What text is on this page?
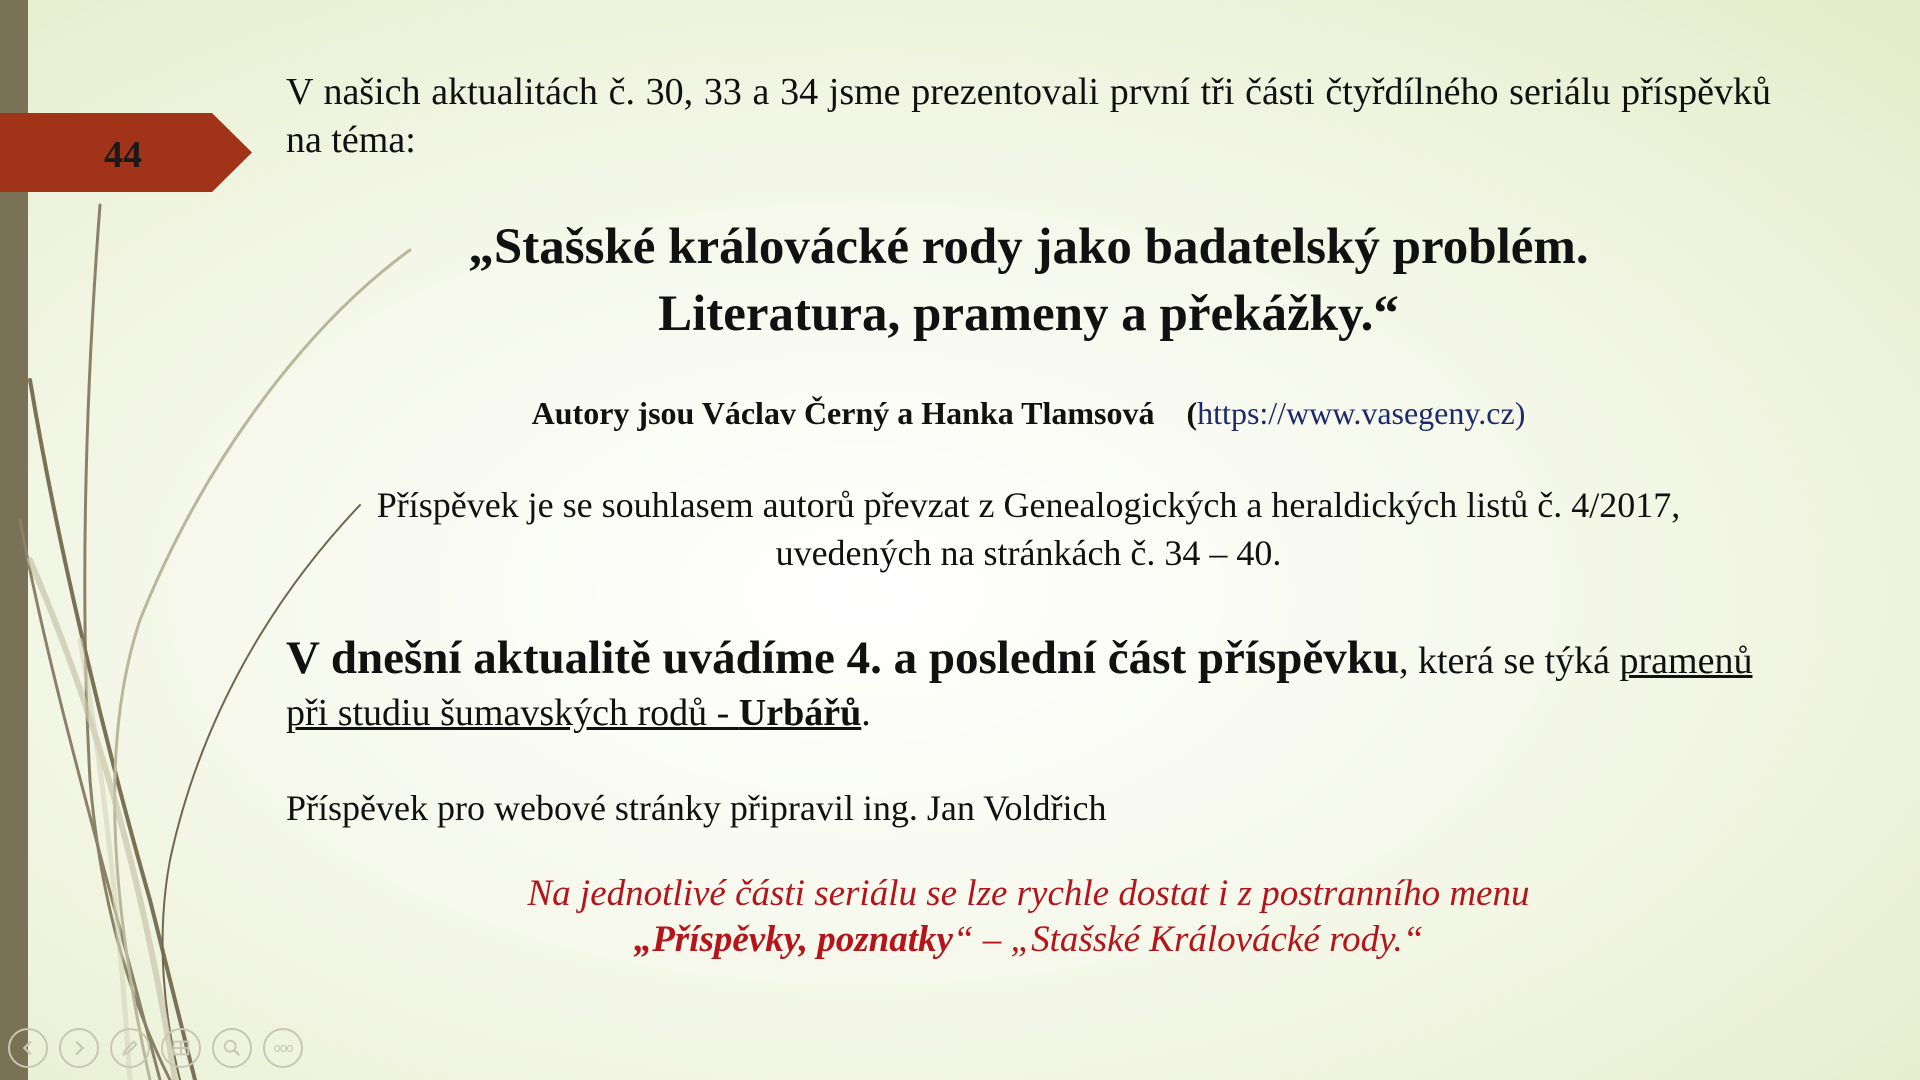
44
V našich aktualitách č. 30, 33 a 34 jsme prezentovali první tři části čtyřdílného seriálu příspěvků na téma:
„Stašské královácké rody jako badatelský problém.
Literatura, prameny a překážky.“
Autory jsou Václav Černý a Hanka Tlamsová (https://www.vasegeny.cz)
Příspěvek je se souhlasem autorů převzat z Genealogických a heraldických listů č. 4/2017,
uvedených na stránkách č. 34 – 40.
V dnešní aktualitě uvádíme 4. a poslední část příspěvku, která se týká pramenů při studiu šumavských rodů - Urbářů.
Příspěvek pro webové stránky připravil ing. Jan Voldřich
Na jednotlivé části seriálu se lze rychle dostat i z postranního menu
„Příspěvky, poznatky“ – „Stašské Královácké rody.“
ooo
